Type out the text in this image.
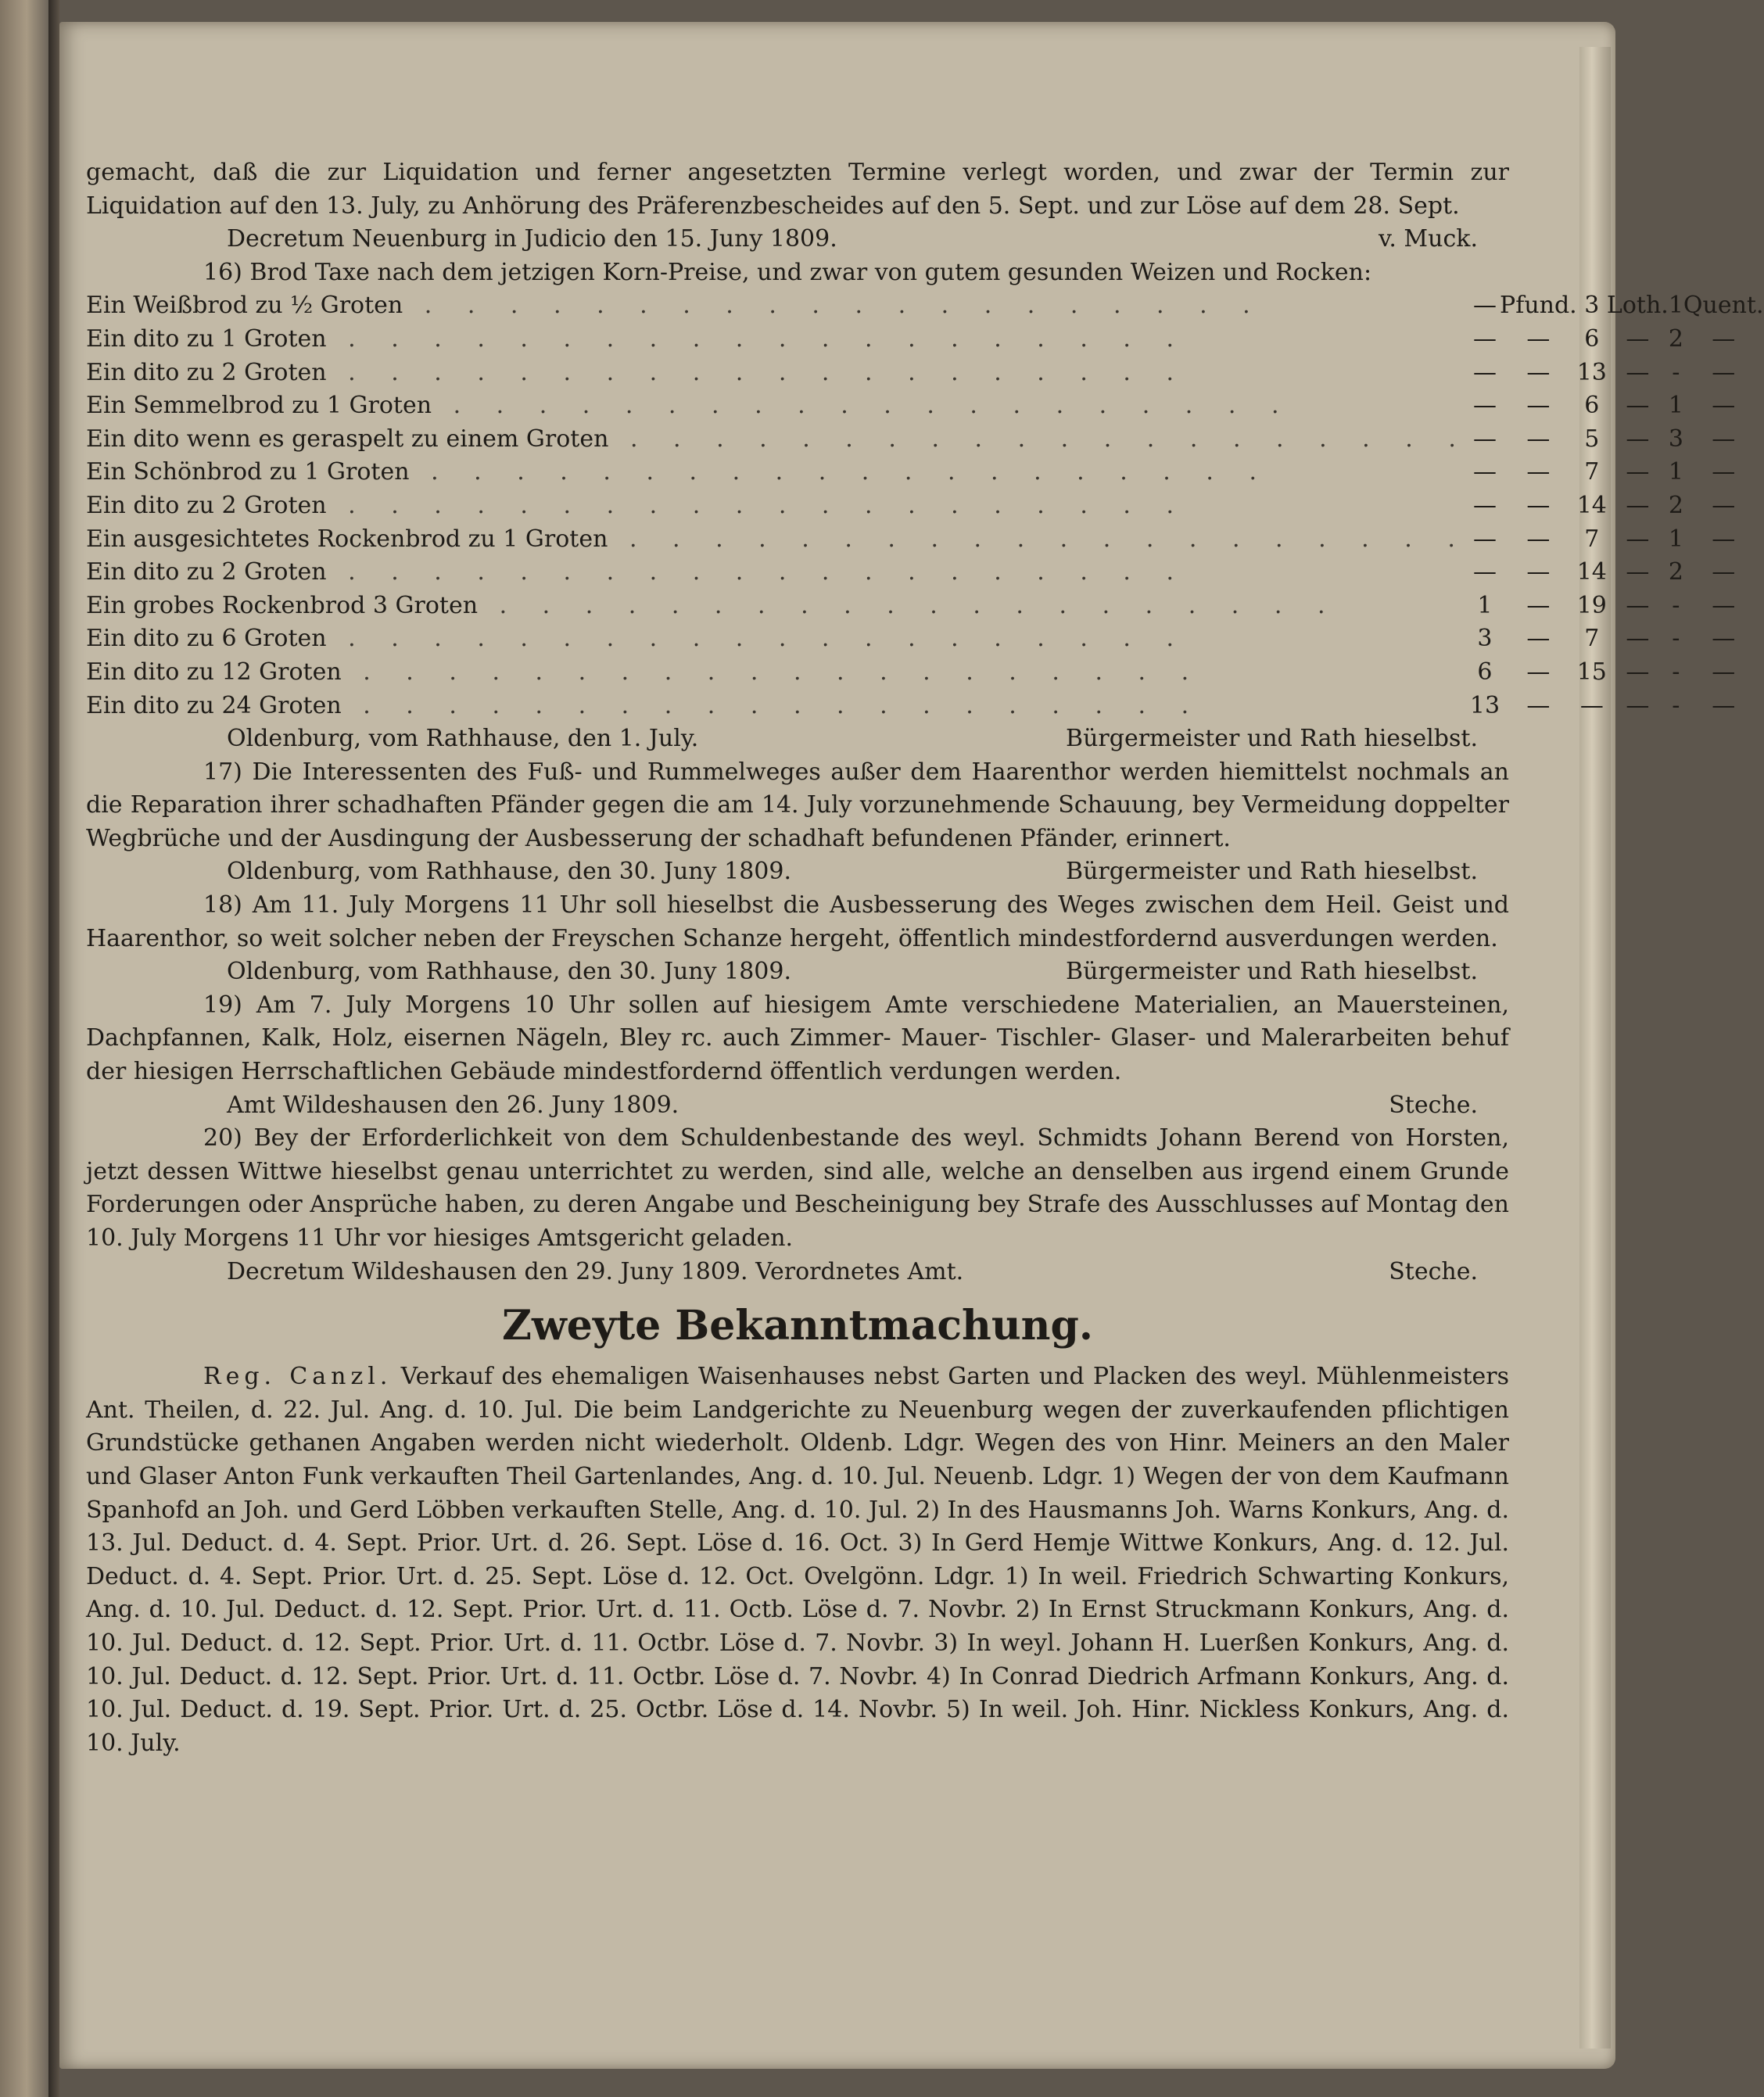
gemacht, daß die zur Liquidation und ferner angesetzten Termine verlegt worden, und zwar der Termin zur Liquidation auf den 13. July, zu Anhörung des Präferenzbescheides auf den 5. Sept. und zur Löse auf dem 28. Sept.

Decretum Neuenburg in Judicio den 15. Juny 1809.	v. Muck.

16) Brod Taxe nach dem jetzigen Korn-Preise, und zwar von gutem gesunden Weizen und Rocken:

Ein Weißbrod zu ½ Groten . . . . . . . . . . . . . . . . . . . .	—	Pfund.	3	Loth.	1	Quent.
Ein dito zu 1 Groten . . . . . . . . . . . . . . . . . . . .	—	—	6	—	2	—
Ein dito zu 2 Groten . . . . . . . . . . . . . . . . . . . .	—	—	13	—	-	—
Ein Semmelbrod zu 1 Groten . . . . . . . . . . . . . . . . . . . .	—	—	6	—	1	—
Ein dito wenn es geraspelt zu einem Groten . . . . . . . . . . . . . . . . . . . .	—	—	5	—	3	—
Ein Schönbrod zu 1 Groten . . . . . . . . . . . . . . . . . . . .	—	—	7	—	1	—
Ein dito zu 2 Groten . . . . . . . . . . . . . . . . . . . .	—	—	14	—	2	—
Ein ausgesichtetes Rockenbrod zu 1 Groten . . . . . . . . . . . . . . . . . . . .	—	—	7	—	1	—
Ein dito zu 2 Groten . . . . . . . . . . . . . . . . . . . .	—	—	14	—	2	—
Ein grobes Rockenbrod 3 Groten . . . . . . . . . . . . . . . . . . . .	1	—	19	—	-	—
Ein dito zu 6 Groten . . . . . . . . . . . . . . . . . . . .	3	—	7	—	-	—
Ein dito zu 12 Groten . . . . . . . . . . . . . . . . . . . .	6	—	15	—	-	—
Ein dito zu 24 Groten . . . . . . . . . . . . . . . . . . . .	13	—	—	—	-	—
Oldenburg, vom Rathhause, den 1. July.	Bürgermeister und Rath hieselbst.

17) Die Interessenten des Fuß- und Rummelweges außer dem Haarenthor werden hiemittelst nochmals an die Reparation ihrer schadhaften Pfänder gegen die am 14. July vorzunehmende Schauung, bey Vermeidung doppelter Wegbrüche und der Ausdingung der Ausbesserung der schadhaft befundenen Pfänder, erinnert.

Oldenburg, vom Rathhause, den 30. Juny 1809.	Bürgermeister und Rath hieselbst.

18) Am 11. July Morgens 11 Uhr soll hieselbst die Ausbesserung des Weges zwischen dem Heil. Geist und Haarenthor, so weit solcher neben der Freyschen Schanze hergeht, öffentlich mindestfordernd ausverdungen werden.

Oldenburg, vom Rathhause, den 30. Juny 1809.	Bürgermeister und Rath hieselbst.

19) Am 7. July Morgens 10 Uhr sollen auf hiesigem Amte verschiedene Materialien, an Mauersteinen, Dachpfannen, Kalk, Holz, eisernen Nägeln, Bley rc. auch Zimmer- Mauer- Tischler- Glaser- und Malerarbeiten behuf der hiesigen Herrschaftlichen Gebäude mindestfordernd öffentlich verdungen werden.

Amt Wildeshausen den 26. Juny 1809.	Steche.

20) Bey der Erforderlichkeit von dem Schuldenbestande des weyl. Schmidts Johann Berend von Horsten, jetzt dessen Wittwe hieselbst genau unterrichtet zu werden, sind alle, welche an denselben aus irgend einem Grunde Forderungen oder Ansprüche haben, zu deren Angabe und Bescheinigung bey Strafe des Ausschlusses auf Montag den 10. July Morgens 11 Uhr vor hiesiges Amtsgericht geladen.

Decretum Wildeshausen den 29. Juny 1809. Verordnetes Amt.	Steche.
Zweyte Bekanntmachung.

Reg. Canzl. Verkauf des ehemaligen Waisenhauses nebst Garten und Placken des weyl. Mühlenmeisters Ant. Theilen, d. 22. Jul. Ang. d. 10. Jul. Die beim Landgerichte zu Neuenburg wegen der zuverkaufenden pflichtigen Grundstücke gethanen Angaben werden nicht wiederholt. Oldenb. Ldgr. Wegen des von Hinr. Meiners an den Maler und Glaser Anton Funk verkauften Theil Gartenlandes, Ang. d. 10. Jul. Neuenb. Ldgr. 1) Wegen der von dem Kaufmann Spanhofd an Joh. und Gerd Löbben verkauften Stelle, Ang. d. 10. Jul. 2) In des Hausmanns Joh. Warns Konkurs, Ang. d. 13. Jul. Deduct. d. 4. Sept. Prior. Urt. d. 26. Sept. Löse d. 16. Oct. 3) In Gerd Hemje Wittwe Konkurs, Ang. d. 12. Jul. Deduct. d. 4. Sept. Prior. Urt. d. 25. Sept. Löse d. 12. Oct. Ovelgönn. Ldgr. 1) In weil. Friedrich Schwarting Konkurs, Ang. d. 10. Jul. Deduct. d. 12. Sept. Prior. Urt. d. 11. Octb. Löse d. 7. Novbr. 2) In Ernst Struckmann Konkurs, Ang. d. 10. Jul. Deduct. d. 12. Sept. Prior. Urt. d. 11. Octbr. Löse d. 7. Novbr. 3) In weyl. Johann H. Luerßen Konkurs, Ang. d. 10. Jul. Deduct. d. 12. Sept. Prior. Urt. d. 11. Octbr. Löse d. 7. Novbr. 4) In Conrad Diedrich Arfmann Konkurs, Ang. d. 10. Jul. Deduct. d. 19. Sept. Prior. Urt. d. 25. Octbr. Löse d. 14. Novbr. 5) In weil. Joh. Hinr. Nickless Konkurs, Ang. d. 10. July.
